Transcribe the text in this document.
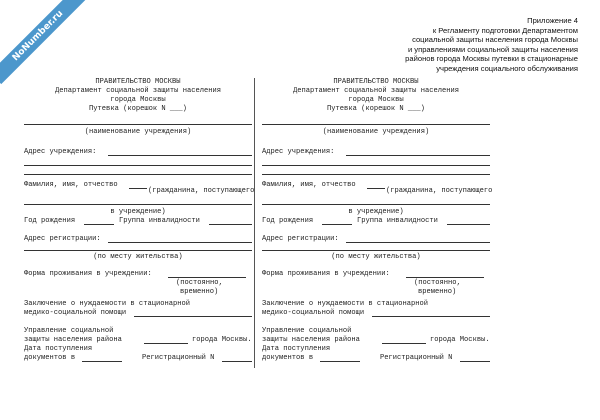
NoNumber.ru	Приложение 4
к Регламенту подготовки Департаментом
социальной защиты населения города Москвы
и управлениями социальной защиты населения
районов города Москвы путевки в стационарные
учреждения социального обслуживания
ПРАВИТЕЛЬСТВО МОСКВЫ
Департамент социальной защиты населения
города Москвы
Путевка (корешок N ___)
(наименование учреждения)
Адрес учреждения:
Фамилия, имя, отчество
(гражданина, поступающего
в учреждение)
Год рождения	Группа инвалидности
Адрес регистрации:
(по месту жительства)
Форма проживания в учреждении:
(постоянно,
временно)
Заключение о нуждаемости в стационарной
медико-социальной помощи
Управление социальной
защиты населения района	города Москвы.
Дата поступления
документов в	Регистрационный N
ПРАВИТЕЛЬСТВО МОСКВЫ
Департамент социальной защиты населения
города Москвы
Путевка (корешок N ___)
(наименование учреждения)
Адрес учреждения:
Фамилия, имя, отчество
(гражданина, поступающего
в учреждение)
Год рождения	Группа инвалидности
Адрес регистрации:
(по месту жительства)
Форма проживания в учреждении:
(постоянно,
временно)
Заключение о нуждаемости в стационарной
медико-социальной помощи
Управление социальной
защиты населения района	города Москвы.
Дата поступления
документов в	Регистрационный N
